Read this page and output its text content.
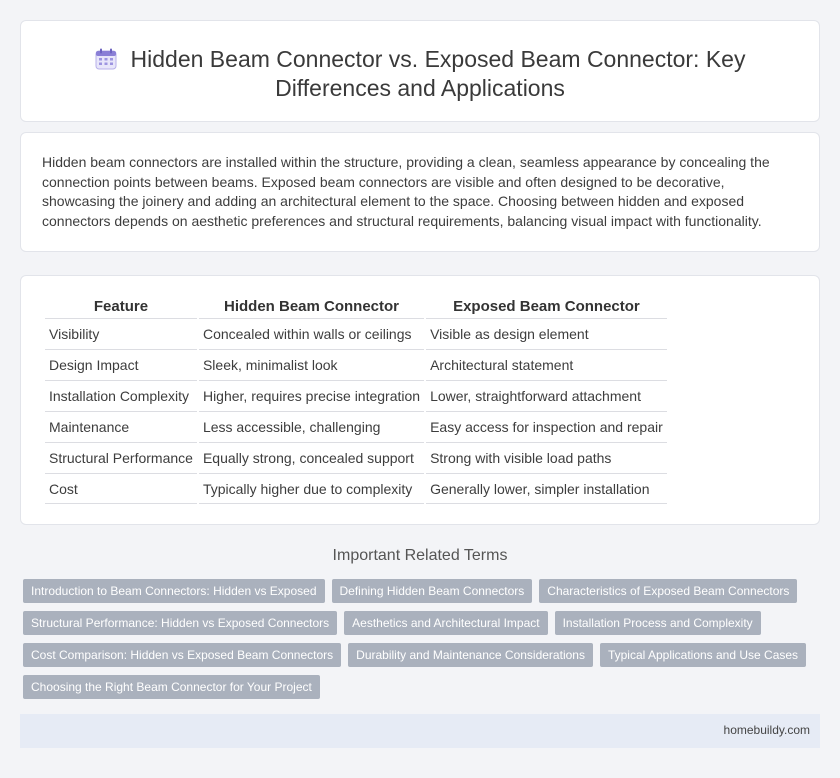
Hidden Beam Connector vs. Exposed Beam Connector: Key Differences and Applications

Hidden beam connectors are installed within the structure, providing a clean, seamless appearance by concealing the connection points between beams. Exposed beam connectors are visible and often designed to be decorative, showcasing the joinery and adding an architectural element to the space. Choosing between hidden and exposed connectors depends on aesthetic preferences and structural requirements, balancing visual impact with functionality.

Feature	Hidden Beam Connector	Exposed Beam Connector
Visibility	Concealed within walls or ceilings	Visible as design element
Design Impact	Sleek, minimalist look	Architectural statement
Installation Complexity	Higher, requires precise integration	Lower, straightforward attachment
Maintenance	Less accessible, challenging	Easy access for inspection and repair
Structural Performance	Equally strong, concealed support	Strong with visible load paths
Cost	Typically higher due to complexity	Generally lower, simpler installation
Important Related Terms
Introduction to Beam Connectors: Hidden vs Exposed	Defining Hidden Beam Connectors	Characteristics of Exposed Beam Connectors
Structural Performance: Hidden vs Exposed Connectors	Aesthetics and Architectural Impact	Installation Process and Complexity
Cost Comparison: Hidden vs Exposed Beam Connectors	Durability and Maintenance Considerations	Typical Applications and Use Cases
Choosing the Right Beam Connector for Your Project
homebuildy.com
